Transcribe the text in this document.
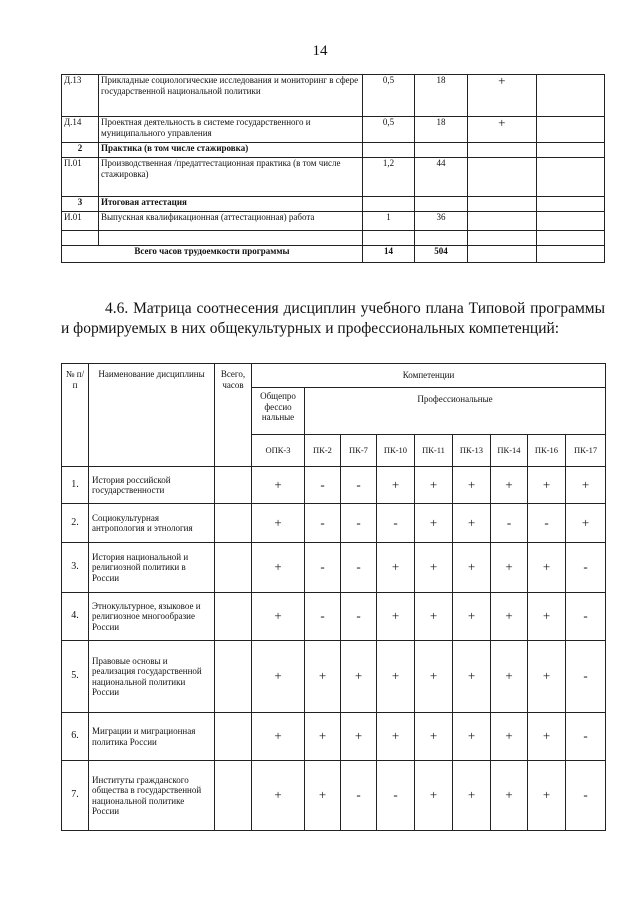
14
Д.13	Прикладные социологические исследования и мониторинг в сфере государственной национальной политики	0,5	18	+	
Д.14	Проектная деятельность в системе государственного и муниципального управления	0,5	18	+	
2	Практика (в том числе стажировка)				
П.01	Производственная /предаттестационная практика (в том числе стажировка)	1,2	44		
3	Итоговая аттестация				
И.01	Выпускная квалификационная (аттестационная) работа	1	36		

Всего часов трудоемкости программы		14	504		
4.6. Матрица соотнесения дисциплин учебного плана Типовой программы и формируемых в них общекультурных и профессиональных компетенций:
№ п/п	Наименование дисциплины	Всего, часов	Компетенции								
			Общепро фессио нальные	Профессиональные							
			ОПК-3	ПК-2	ПК-7	ПК-10	ПК-11	ПК-13	ПК-14	ПК-16	ПК-17
1.	История российской государственности		+	-	-	+	+	+	+	+	+
2.	Социокультурная антропология и этнология		+	-	-	-	+	+	-	-	+
3.	История национальной и религиозной политики в России		+	-	-	+	+	+	+	+	-
4.	Этнокультурное, языковое и религиозное многообразие России		+	-	-	+	+	+	+	+	-
5.	Правовые основы и реализация государственной национальной политики России		+	+	+	+	+	+	+	+	-
6.	Миграции и миграционная политика России		+	+	+	+	+	+	+	+	-
7.	Институты гражданского общества в государственной национальной политике России		+	+	-	-	+	+	+	+	-
